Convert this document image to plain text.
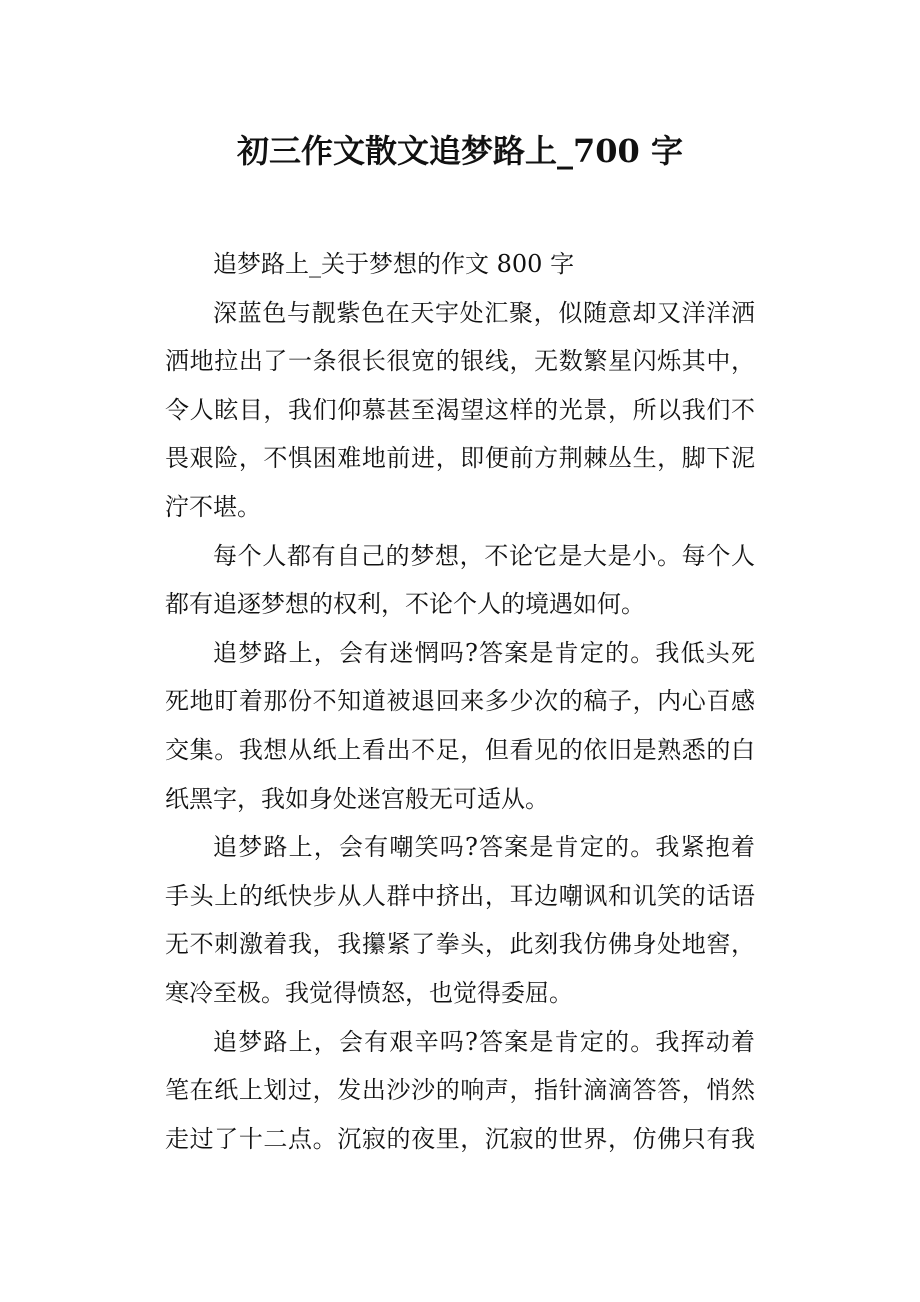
初三作文散文追梦路上_700 字
追梦路上_关于梦想的作文 800 字
深蓝色与靓紫色在天宇处汇聚，似随意却又洋洋洒
洒地拉出了一条很长很宽的银线，无数繁星闪烁其中，
令人眩目，我们仰慕甚至渴望这样的光景，所以我们不
畏艰险，不惧困难地前进，即便前方荆棘丛生，脚下泥
泞不堪。
每个人都有自己的梦想，不论它是大是小。每个人
都有追逐梦想的权利，不论个人的境遇如何。
追梦路上，会有迷惘吗?答案是肯定的。我低头死
死地盯着那份不知道被退回来多少次的稿子，内心百感
交集。我想从纸上看出不足，但看见的依旧是熟悉的白
纸黑字，我如身处迷宫般无可适从。
追梦路上，会有嘲笑吗?答案是肯定的。我紧抱着
手头上的纸快步从人群中挤出，耳边嘲讽和讥笑的话语
无不刺激着我，我攥紧了拳头，此刻我仿佛身处地窖，
寒冷至极。我觉得愤怒，也觉得委屈。
追梦路上，会有艰辛吗?答案是肯定的。我挥动着
笔在纸上划过，发出沙沙的响声，指针滴滴答答，悄然
走过了十二点。沉寂的夜里，沉寂的世界，仿佛只有我
